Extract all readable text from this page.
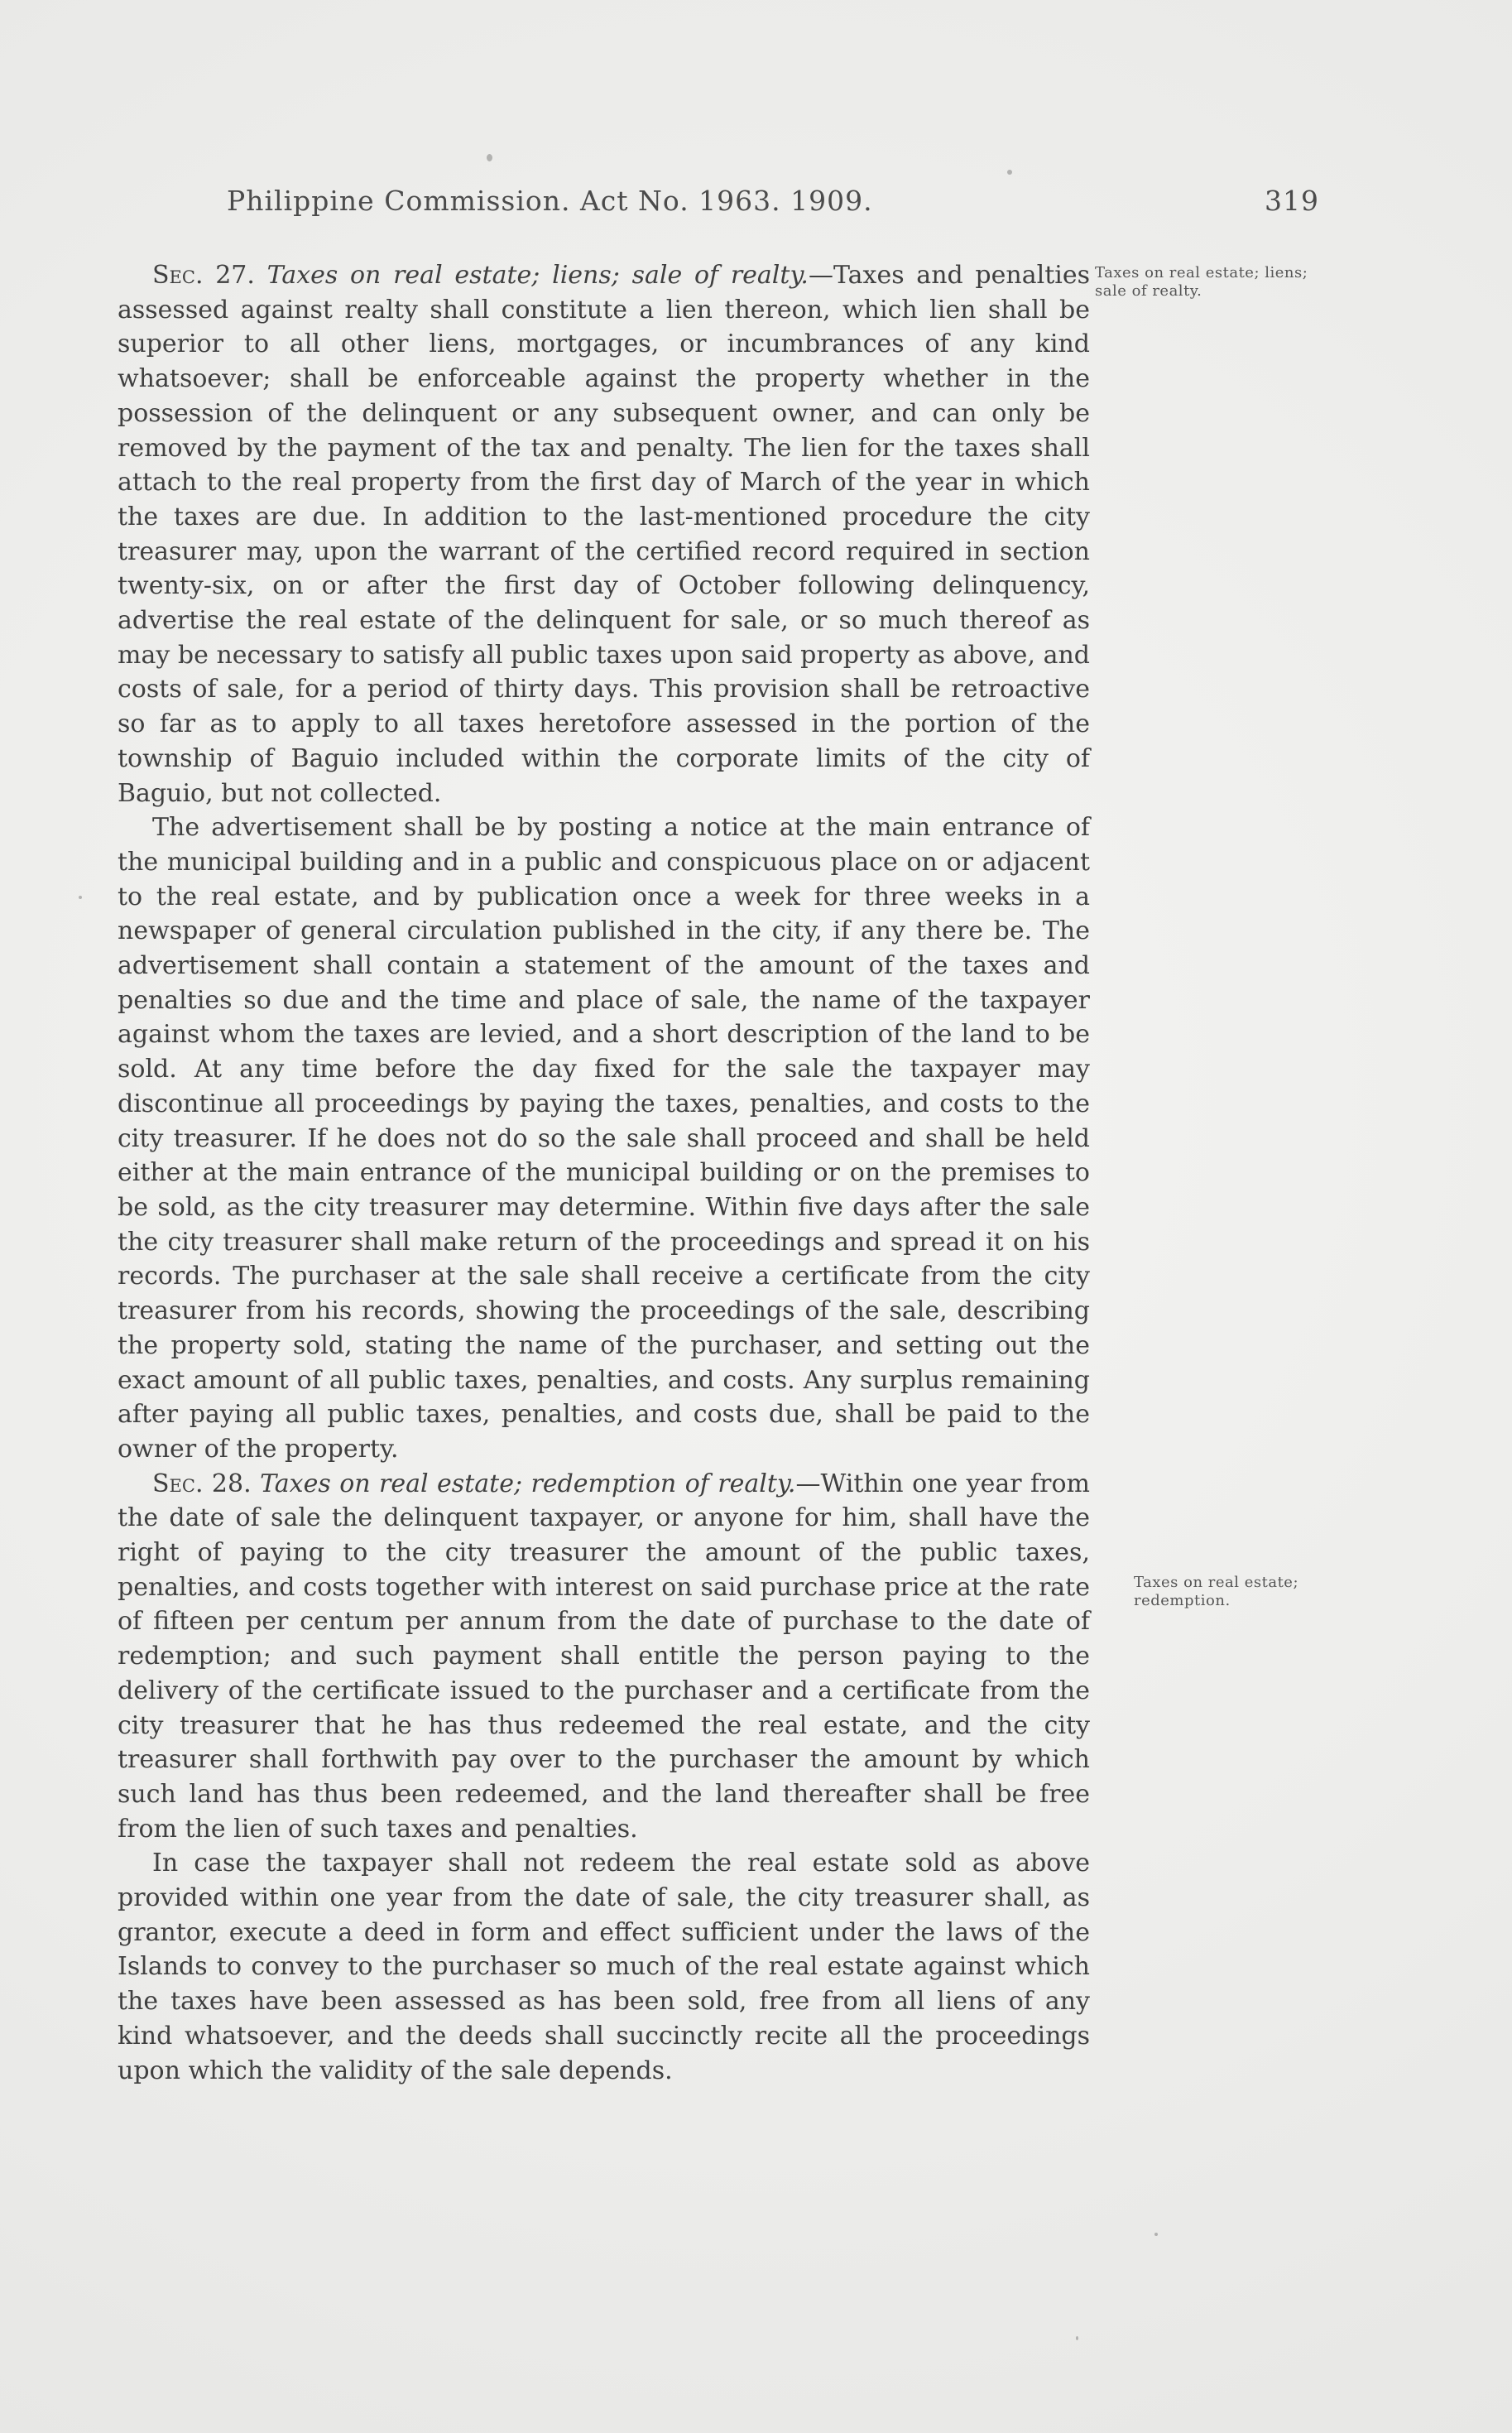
Philippine Commission. Act No. 1963. 1909.	319
Taxes on real estate; liens; sale of realty.
Taxes on real estate; redemption.

Sec. 27. Taxes on real estate; liens; sale of realty.—Taxes and penalties assessed against realty shall constitute a lien thereon, which lien shall be superior to all other liens, mortgages, or incumbrances of any kind whatsoever; shall be enforceable against the property whether in the possession of the delinquent or any subsequent owner, and can only be removed by the payment of the tax and penalty. The lien for the taxes shall attach to the real property from the first day of March of the year in which the taxes are due. In addition to the last-mentioned procedure the city treasurer may, upon the warrant of the certified record required in section twenty-six, on or after the first day of October following delinquency, advertise the real estate of the delinquent for sale, or so much thereof as may be necessary to satisfy all public taxes upon said property as above, and costs of sale, for a period of thirty days. This provision shall be retroactive so far as to apply to all taxes heretofore assessed in the portion of the township of Baguio included within the corporate limits of the city of Baguio, but not collected.

The advertisement shall be by posting a notice at the main entrance of the municipal building and in a public and conspicuous place on or adjacent to the real estate, and by publication once a week for three weeks in a newspaper of general circulation published in the city, if any there be. The advertisement shall contain a statement of the amount of the taxes and penalties so due and the time and place of sale, the name of the taxpayer against whom the taxes are levied, and a short description of the land to be sold. At any time before the day fixed for the sale the taxpayer may discontinue all proceedings by paying the taxes, penalties, and costs to the city treasurer. If he does not do so the sale shall proceed and shall be held either at the main entrance of the municipal building or on the premises to be sold, as the city treasurer may determine. Within five days after the sale the city treasurer shall make return of the proceedings and spread it on his records. The purchaser at the sale shall receive a certificate from the city treasurer from his records, showing the proceedings of the sale, describing the property sold, stating the name of the purchaser, and setting out the exact amount of all public taxes, penalties, and costs. Any surplus remaining after paying all public taxes, penalties, and costs due, shall be paid to the owner of the property.

Sec. 28. Taxes on real estate; redemption of realty.—Within one year from the date of sale the delinquent taxpayer, or anyone for him, shall have the right of paying to the city treasurer the amount of the public taxes, penalties, and costs together with interest on said purchase price at the rate of fifteen per centum per annum from the date of purchase to the date of redemption; and such payment shall entitle the person paying to the delivery of the certificate issued to the purchaser and a certificate from the city treasurer that he has thus redeemed the real estate, and the city treasurer shall forthwith pay over to the purchaser the amount by which such land has thus been redeemed, and the land thereafter shall be free from the lien of such taxes and penalties.

In case the taxpayer shall not redeem the real estate sold as above provided within one year from the date of sale, the city treasurer shall, as grantor, execute a deed in form and effect sufficient under the laws of the Islands to convey to the purchaser so much of the real estate against which the taxes have been assessed as has been sold, free from all liens of any kind whatsoever, and the deeds shall succinctly recite all the proceedings upon which the validity of the sale depends.
